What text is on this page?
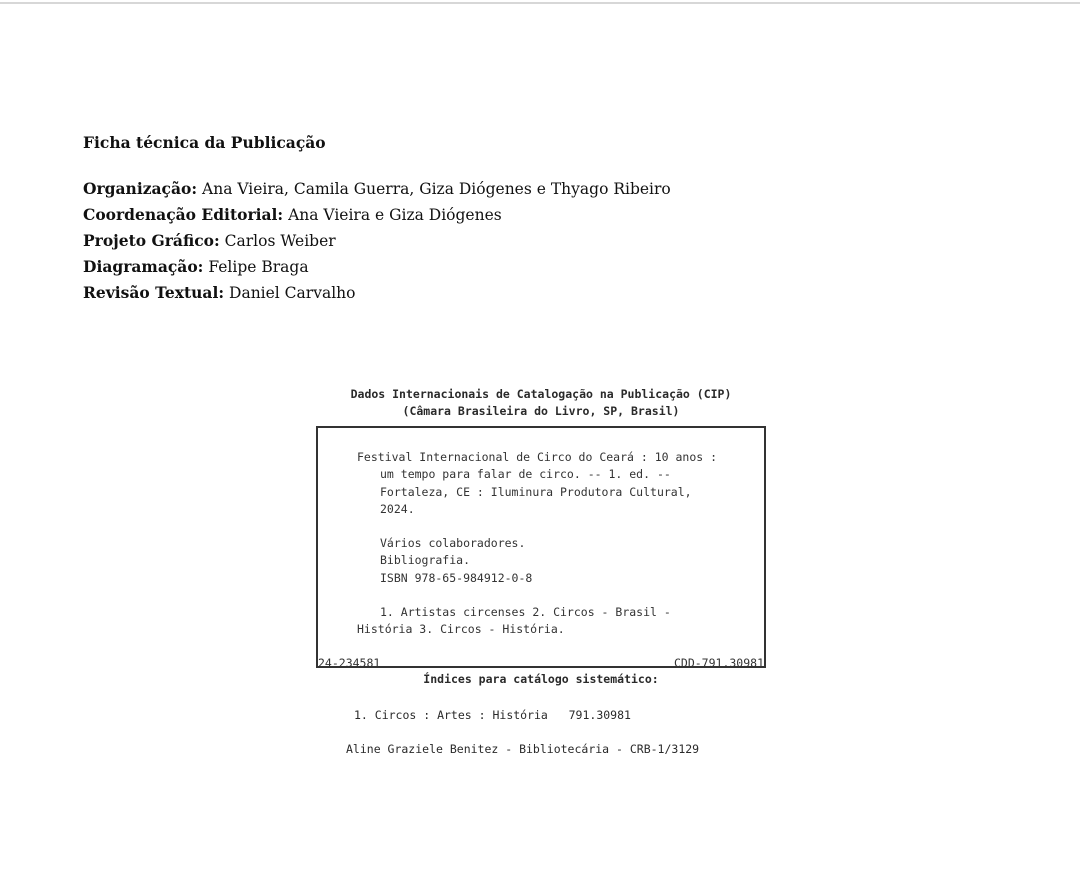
Ficha técnica da Publicação
Organização: Ana Vieira, Camila Guerra, Giza Diógenes e Thyago Ribeiro
Coordenação Editorial: Ana Vieira e Giza Diógenes
Projeto Gráfico: Carlos Weiber
Diagramação: Felipe Braga
Revisão Textual: Daniel Carvalho
Dados Internacionais de Catalogação na Publicação (CIP)
(Câmara Brasileira do Livro, SP, Brasil)
Festival Internacional de Circo do Ceará : 10 anos :
um tempo para falar de circo. -- 1. ed. --
Fortaleza, CE : Iluminura Produtora Cultural,
2024.
Vários colaboradores.
Bibliografia.
ISBN 978-65-984912-0-8
1. Artistas circenses 2. Circos - Brasil -
História 3. Circos - História.
24-234581	CDD-791.30981
Índices para catálogo sistemático:
1. Circos : Artes : História   791.30981
Aline Graziele Benitez - Bibliotecária - CRB-1/3129
